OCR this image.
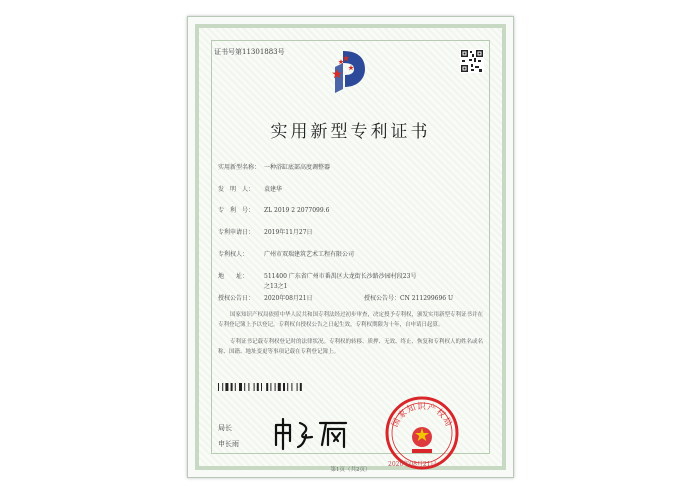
证书号第11301883号
实用新型专利证书
实用新型名称： 一种浴缸底部高度调整器
发　明　人： 袁建华
专　利　号： ZL 2019 2 2077099.6
专利申请日： 2019年11月27日
专利权人：	广州市双瑞建筑艺术工程有限公司
地　　址：	511400 广东省广州市番禺区大龙街长沙路沙园村段23号
之13之1
授权公告日： 2020年08月21日	授权公告号：CN 211299696 U
国家知识产权局依照中华人民共和国专利法经过初步审查，决定授予专利权，颁发实用新型专利证书并在专利登记簿上予以登记。专利权自授权公告之日起生效。专利权期限为十年，自申请日起算。
专利证书记载专利权登记时的法律状况。专利权的转移、质押、无效、终止、恢复和专利权人的姓名或名称、国籍、地址变更等事项记载在专利登记簿上。
局长
申长雨
国家知识产权局
2020年08月21日
第1页（共2页）
